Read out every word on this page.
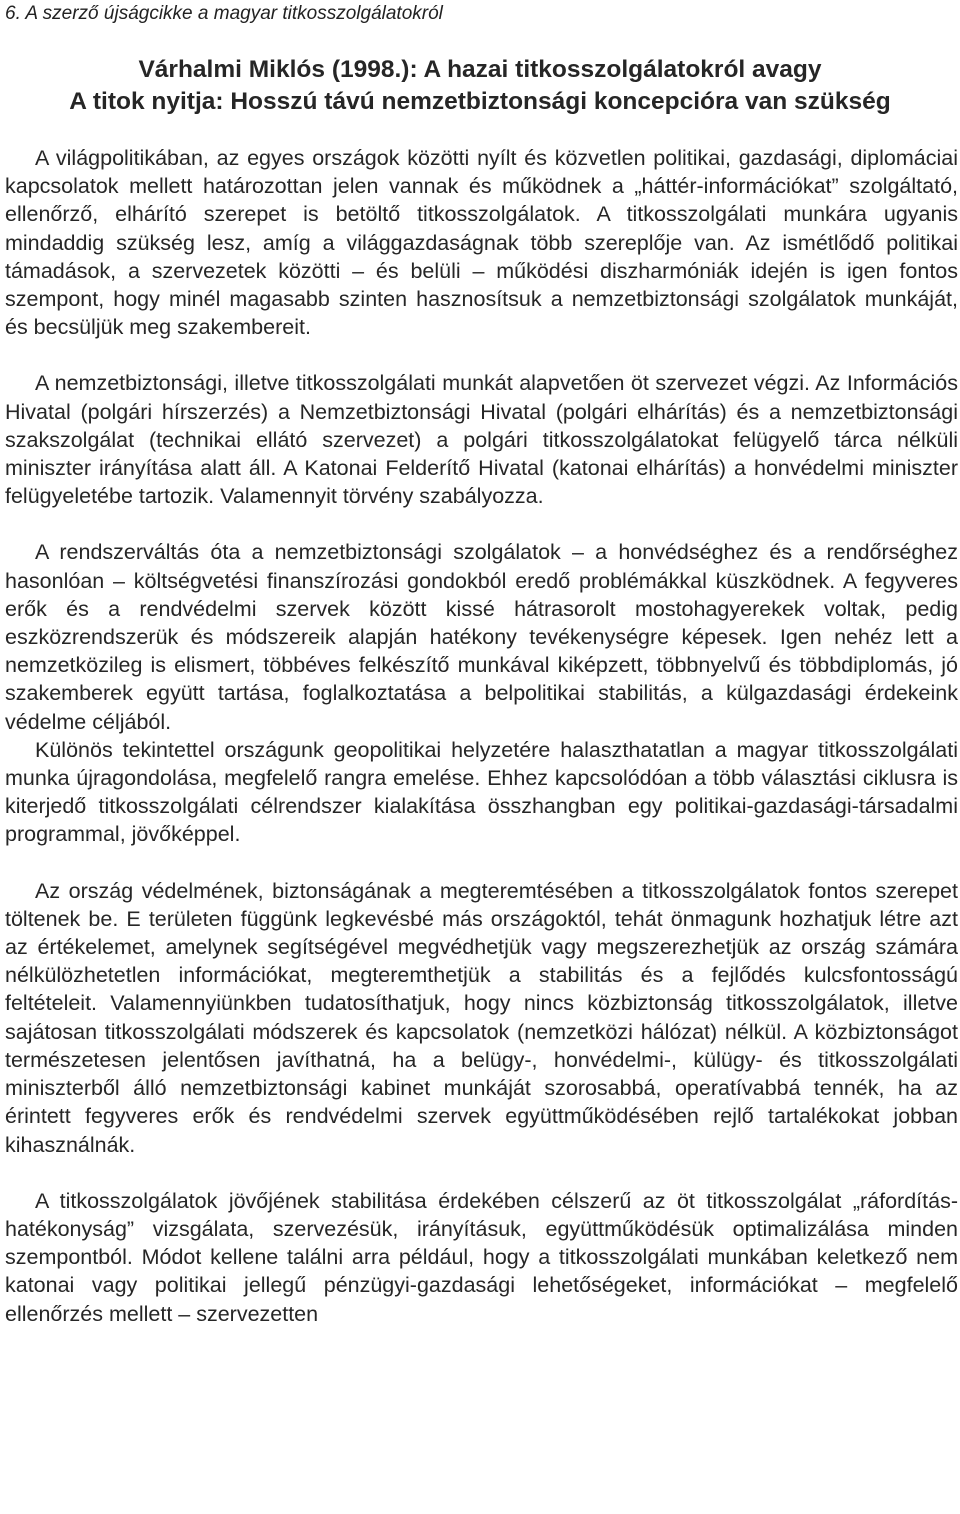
6. A szerző újságcikke a magyar titkosszolgálatokról
Várhalmi Miklós (1998.): A hazai titkosszolgálatokról avagy
A titok nyitja: Hosszú távú nemzetbiztonsági koncepcióra van szükség

A világpolitikában, az egyes országok közötti nyílt és közvetlen politikai, gazdasági, diplomáciai kapcsolatok mellett határozottan jelen vannak és működnek a „háttér-információkat” szolgáltató, ellenőrző, elhárító szerepet is betöltő titkosszolgálatok. A titkosszolgálati munkára ugyanis mindaddig szükség lesz, amíg a világgazdaságnak több szereplője van. Az ismétlődő politikai támadások, a szervezetek közötti – és belüli – működési diszharmóniák idején is igen fontos szempont, hogy minél magasabb szinten hasznosítsuk a nemzetbiztonsági szolgálatok munkáját, és becsüljük meg szakembereit.

A nemzetbiztonsági, illetve titkosszolgálati munkát alapvetően öt szervezet végzi. Az Információs Hivatal (polgári hírszerzés) a Nemzetbiztonsági Hivatal (polgári elhárítás) és a nemzetbiztonsági szakszolgálat (technikai ellátó szervezet) a polgári titkosszolgálatokat felügyelő tárca nélküli miniszter irányítása alatt áll. A Katonai Felderítő Hivatal (katonai elhárítás) a honvédelmi miniszter felügyeletébe tartozik. Valamennyit törvény szabályozza.

A rendszerváltás óta a nemzetbiztonsági szolgálatok – a honvédséghez és a rendőrséghez hasonlóan – költségvetési finanszírozási gondokból eredő problémákkal küszködnek. A fegyveres erők és a rendvédelmi szervek között kissé hátrasorolt mostohagyerekek voltak, pedig eszközrendszerük és módszereik alapján hatékony tevékenységre képesek. Igen nehéz lett a nemzetközileg is elismert, többéves felkészítő munkával kiképzett, többnyelvű és többdiplomás, jó szakemberek együtt tartása, foglalkoztatása a belpolitikai stabilitás, a külgazdasági érdekeink védelme céljából.

Különös tekintettel országunk geopolitikai helyzetére halaszthatatlan a magyar titkosszolgálati munka újragondolása, megfelelő rangra emelése. Ehhez kapcsolódóan a több választási ciklusra is kiterjedő titkosszolgálati célrendszer kialakítása összhangban egy politikai-gazdasági-társadalmi programmal, jövőképpel.

Az ország védelmének, biztonságának a megteremtésében a titkosszolgálatok fontos szerepet töltenek be. E területen függünk legkevésbé más országoktól, tehát önmagunk hozhatjuk létre azt az értékelemet, amelynek segítségével megvédhetjük vagy megszerezhetjük az ország számára nélkülözhetetlen információkat, megteremthetjük a stabilitás és a fejlődés kulcsfontosságú feltételeit. Valamennyiünkben tudatosíthatjuk, hogy nincs közbiztonság titkosszolgálatok, illetve sajátosan titkosszolgálati módszerek és kapcsolatok (nemzetközi hálózat) nélkül. A közbiztonságot természetesen jelentősen javíthatná, ha a belügy-, honvédelmi-, külügy- és titkosszolgálati miniszterből álló nemzetbiztonsági kabinet munkáját szorosabbá, operatívabbá tennék, ha az érintett fegyveres erők és rendvédelmi szervek együttműködésében rejlő tartalékokat jobban kihasználnák.

A titkosszolgálatok jövőjének stabilitása érdekében célszerű az öt titkosszolgálat „ráfordítás-hatékonyság” vizsgálata, szervezésük, irányításuk, együttműködésük optimalizálása minden szempontból. Módot kellene találni arra például, hogy a titkosszolgálati munkában keletkező nem katonai vagy politikai jellegű pénzügyi-gazdasági lehetőségeket, információkat – megfelelő ellenőrzés mellett – szervezetten
